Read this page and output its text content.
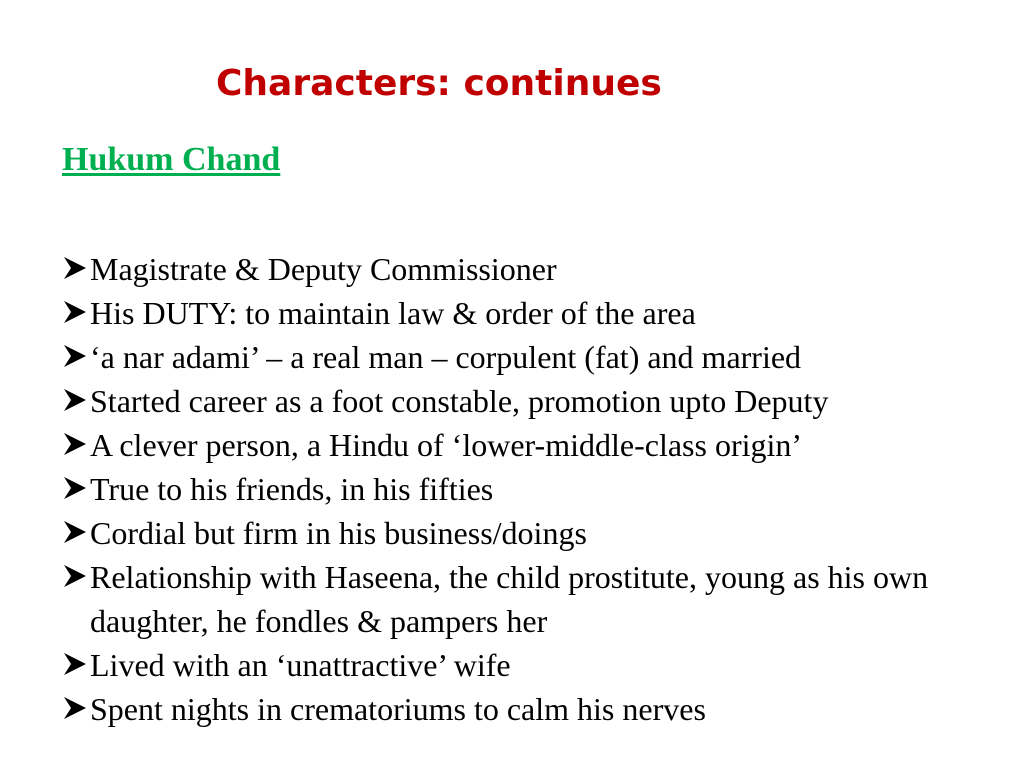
Characters: continues
Hukum Chand
Magistrate & Deputy Commissioner
His DUTY: to maintain law & order of the area
‘a nar adami’ – a real man – corpulent (fat) and married
Started career as a foot constable, promotion upto Deputy
A clever person, a Hindu of ‘lower-middle-class origin’
True to his friends, in his fifties
Cordial but firm in his business/doings
Relationship with Haseena, the child prostitute, young as his own daughter, he fondles & pampers her
Lived with an ‘unattractive’ wife
Spent nights in crematoriums to calm his nerves
